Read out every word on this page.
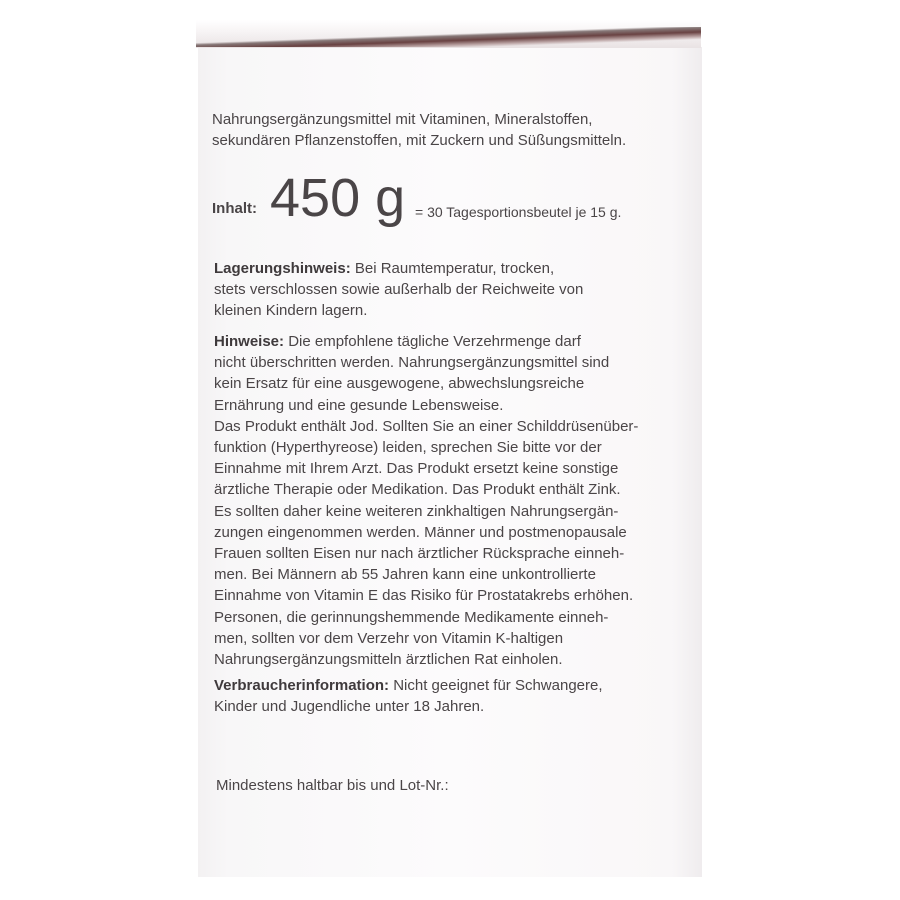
Nahrungsergänzungsmittel mit Vitaminen, Mineralstoffen,
sekundären Pflanzenstoffen, mit Zuckern und Süßungsmitteln.
Inhalt: 450 g = 30 Tagesportionsbeutel je 15 g.
Lagerungshinweis: Bei Raumtemperatur, trocken,
stets verschlossen sowie außerhalb der Reichweite von
kleinen Kindern lagern.
Hinweise: Die empfohlene tägliche Verzehrmenge darf
nicht überschritten werden. Nahrungsergänzungsmittel sind
kein Ersatz für eine ausgewogene, abwechslungsreiche
Ernährung und eine gesunde Lebensweise.
Das Produkt enthält Jod. Sollten Sie an einer Schilddrüsenüber-
funktion (Hyperthyreose) leiden, sprechen Sie bitte vor der
Einnahme mit Ihrem Arzt. Das Produkt ersetzt keine sonstige
ärztliche Therapie oder Medikation. Das Produkt enthält Zink.
Es sollten daher keine weiteren zinkhaltigen Nahrungsergän-
zungen eingenommen werden. Männer und postmenopausale
Frauen sollten Eisen nur nach ärztlicher Rücksprache einneh-
men. Bei Männern ab 55 Jahren kann eine unkontrollierte
Einnahme von Vitamin E das Risiko für Prostatakrebs erhöhen.
Personen, die gerinnungshemmende Medikamente einneh-
men, sollten vor dem Verzehr von Vitamin K-haltigen
Nahrungsergänzungsmitteln ärztlichen Rat einholen.
Verbraucherinformation: Nicht geeignet für Schwangere,
Kinder und Jugendliche unter 18 Jahren.
Mindestens haltbar bis und Lot-Nr.:
